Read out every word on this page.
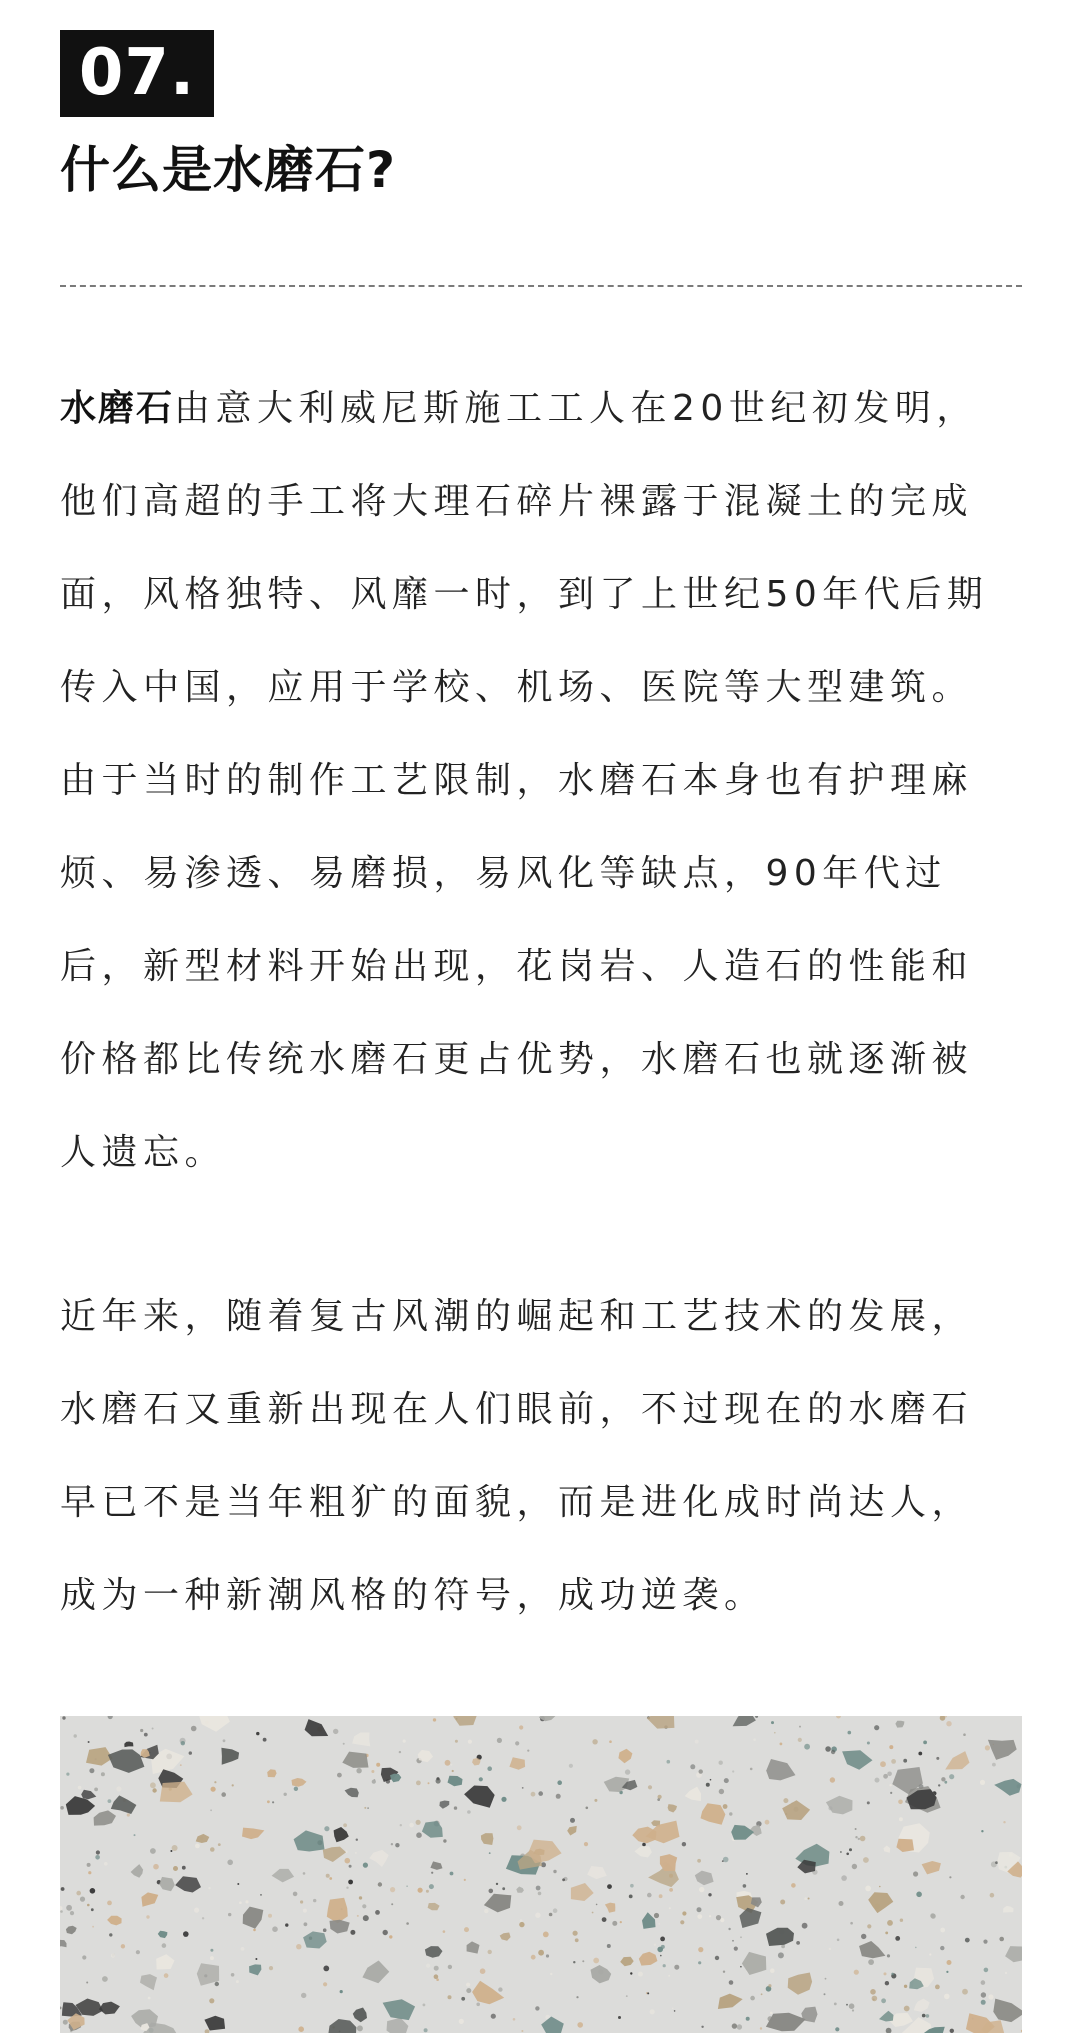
07.
什么是水磨石?
水磨石由意大利威尼斯施工工人在20世纪初发明，
他们高超的手工将大理石碎片裸露于混凝土的完成
面，风格独特、风靡一时，到了上世纪50年代后期
传入中国，应用于学校、机场、医院等大型建筑。
由于当时的制作工艺限制，水磨石本身也有护理麻
烦、易渗透、易磨损，易风化等缺点，90年代过
后，新型材料开始出现，花岗岩、人造石的性能和
价格都比传统水磨石更占优势，水磨石也就逐渐被
人遗忘。
近年来，随着复古风潮的崛起和工艺技术的发展，
水磨石又重新出现在人们眼前，不过现在的水磨石
早已不是当年粗犷的面貌，而是进化成时尚达人，
成为一种新潮风格的符号，成功逆袭。
